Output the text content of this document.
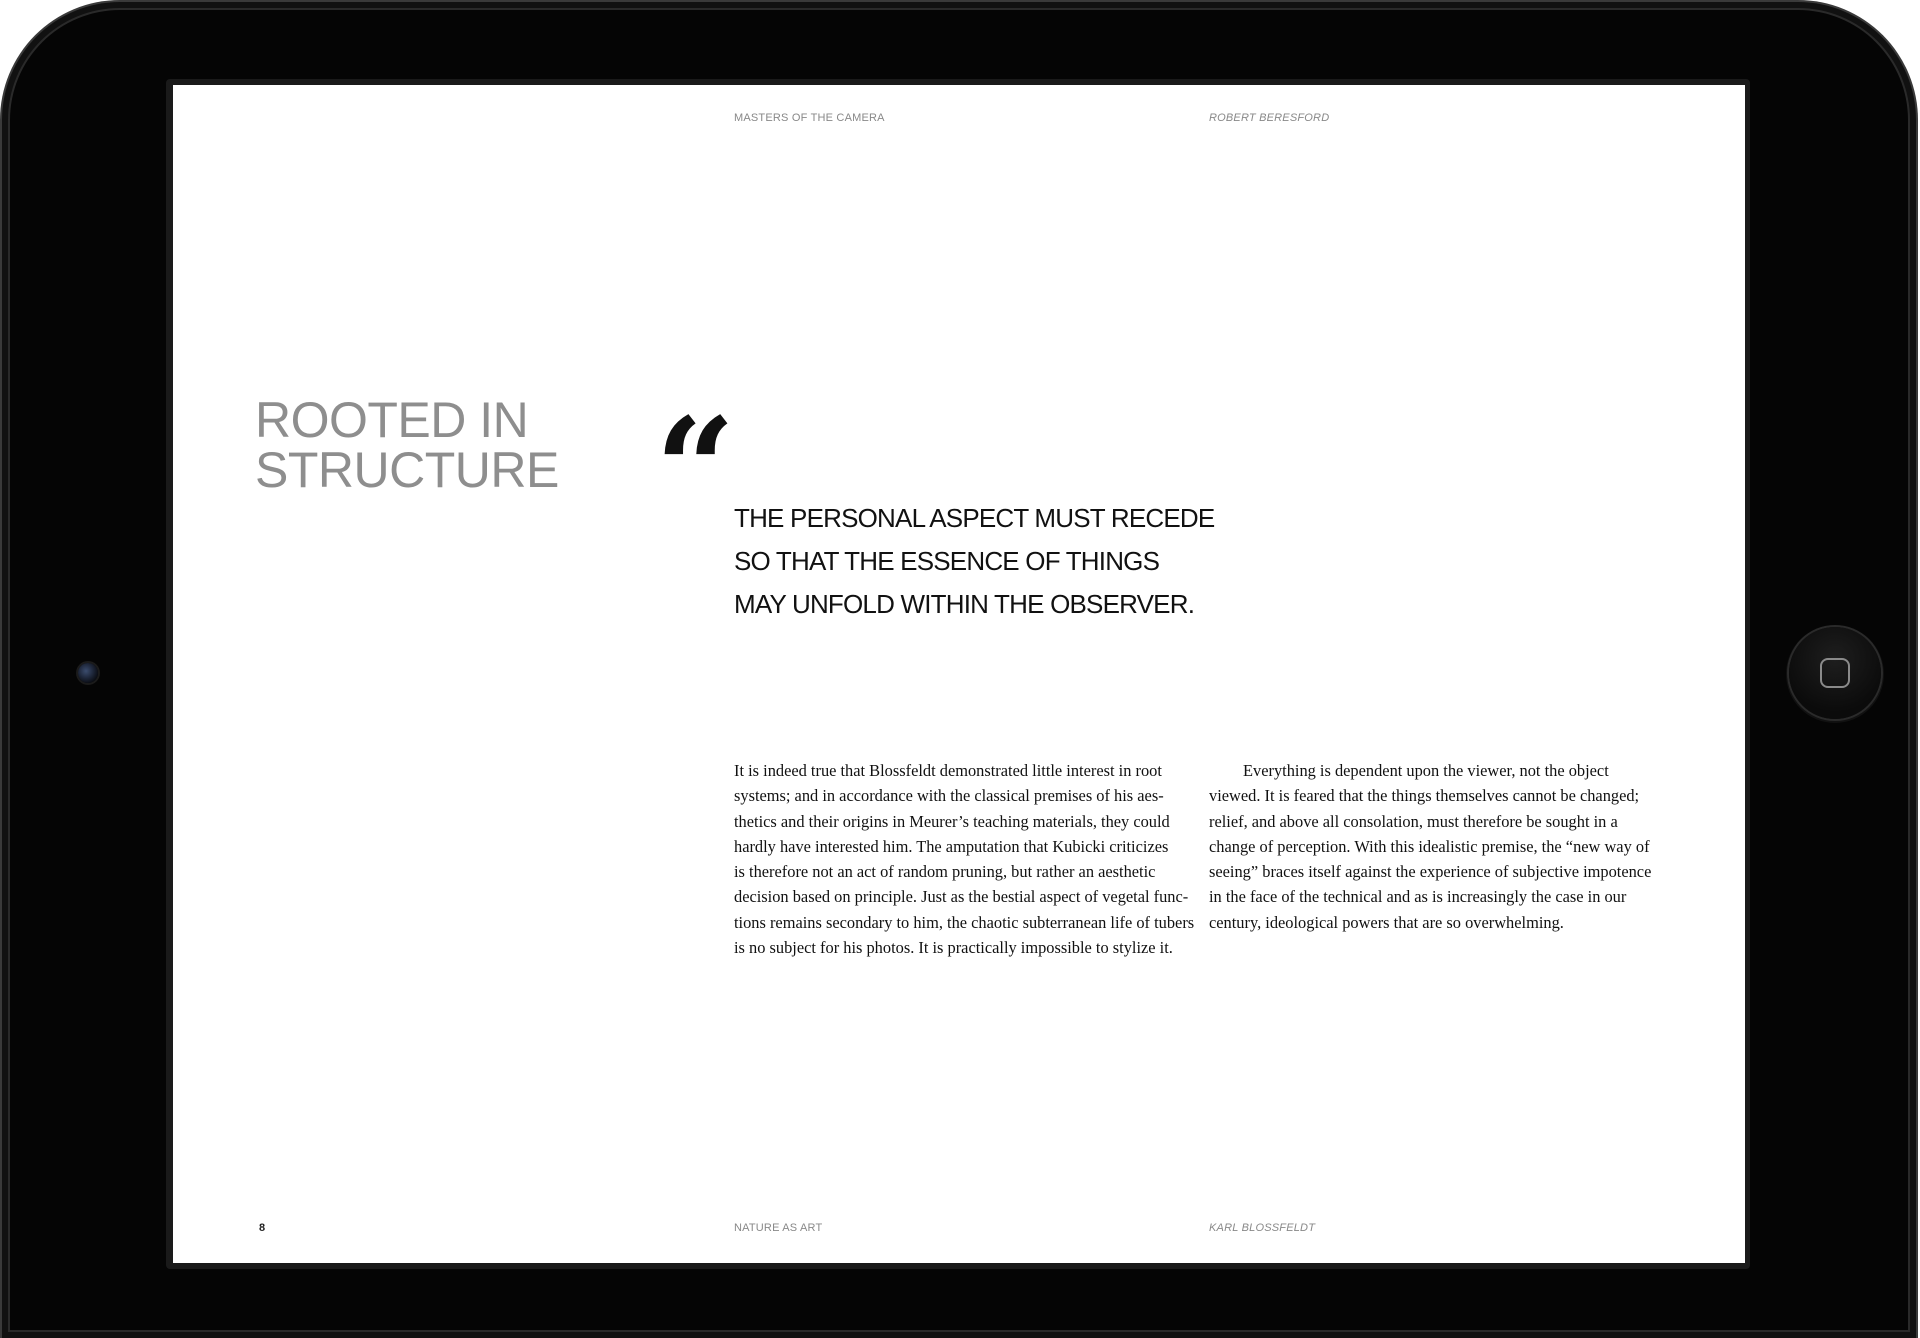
MASTERS OF THE CAMERA	ROBERT BERESFORD
ROOTED IN
STRUCTURE “
THE PERSONAL ASPECT MUST RECEDE
SO THAT THE ESSENCE OF THINGS
MAY UNFOLD WITHIN THE OBSERVER.

It is indeed true that Blossfeldt demonstrated little interest in root
systems; and in accordance with the classical premises of his aes-
thetics and their origins in Meurer’s teaching materials, they could
hardly have interested him. The amputation that Kubicki criticizes
is therefore not an act of random pruning, but rather an aesthetic
decision based on principle. Just as the bestial aspect of vegetal func-
tions remains secondary to him, the chaotic subterranean life of tubers
is no subject for his photos. It is practically impossible to stylize it.

Everything is dependent upon the viewer, not the object
viewed. It is feared that the things themselves cannot be changed;
relief, and above all consolation, must therefore be sought in a
change of perception. With this idealistic premise, the “new way of
seeing” braces itself against the experience of subjective impotence
in the face of the technical and as is increasingly the case in our
century, ideological powers that are so overwhelming.

8	NATURE AS ART	KARL BLOSSFELDT
